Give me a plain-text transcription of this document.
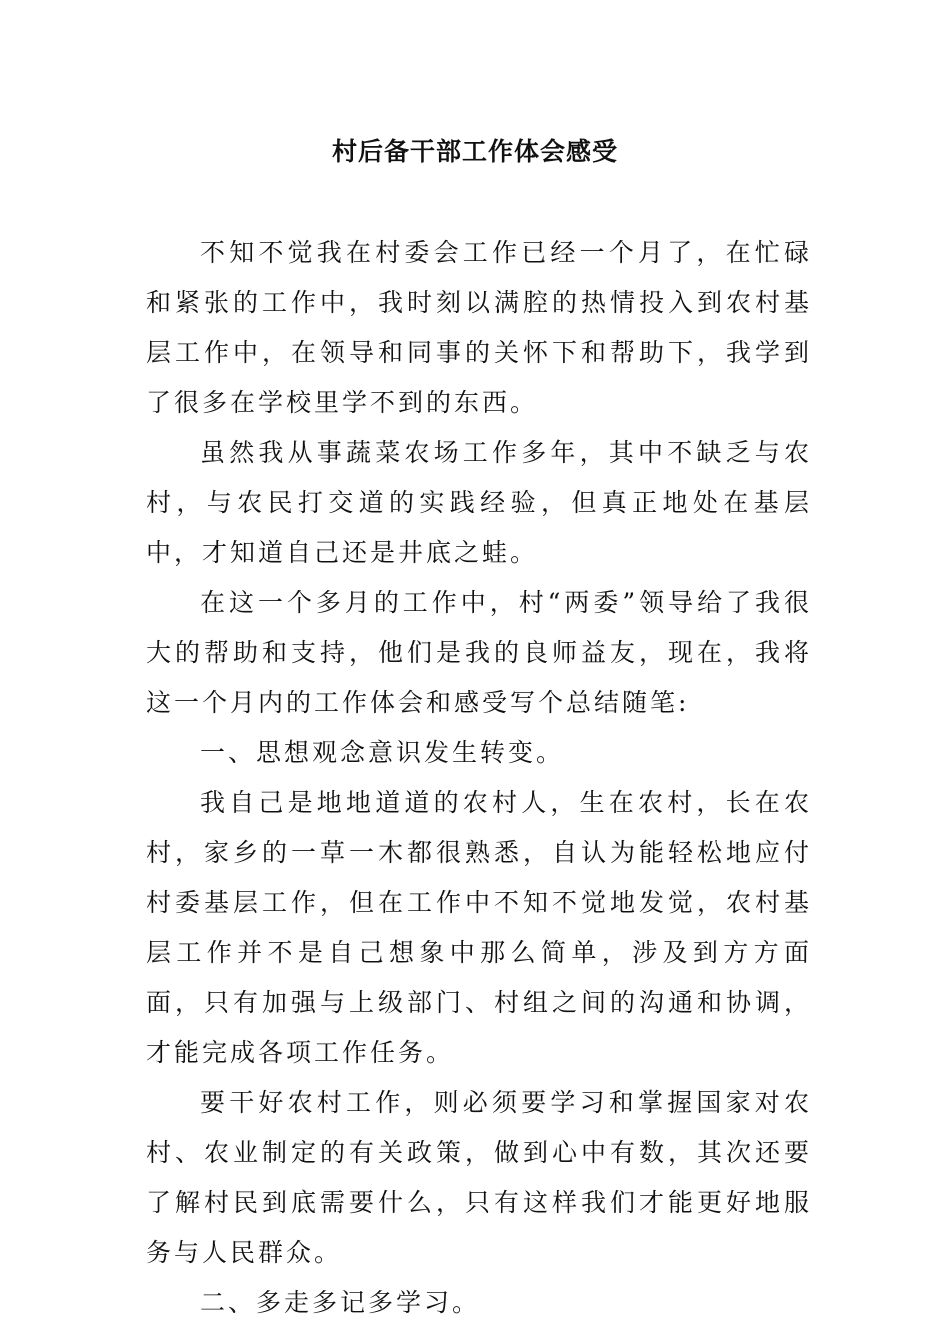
村后备干部工作体会感受

不知不觉我在村委会工作已经一个月了，在忙碌和紧张的工作中，我时刻以满腔的热情投入到农村基层工作中，在领导和同事的关怀下和帮助下，我学到了很多在学校里学不到的东西。

虽然我从事蔬菜农场工作多年，其中不缺乏与农村，与农民打交道的实践经验，但真正地处在基层中，才知道自己还是井底之蛙。

在这一个多月的工作中，村“两委”领导给了我很大的帮助和支持，他们是我的良师益友，现在，我将这一个月内的工作体会和感受写个总结随笔:

一、思想观念意识发生转变。

我自己是地地道道的农村人，生在农村，长在农村，家乡的一草一木都很熟悉，自认为能轻松地应付村委基层工作，但在工作中不知不觉地发觉，农村基层工作并不是自己想象中那么简单，涉及到方方面面，只有加强与上级部门、村组之间的沟通和协调，才能完成各项工作任务。

要干好农村工作，则必须要学习和掌握国家对农村、农业制定的有关政策，做到心中有数，其次还要了解村民到底需要什么，只有这样我们才能更好地服务与人民群众。

二、多走多记多学习。
